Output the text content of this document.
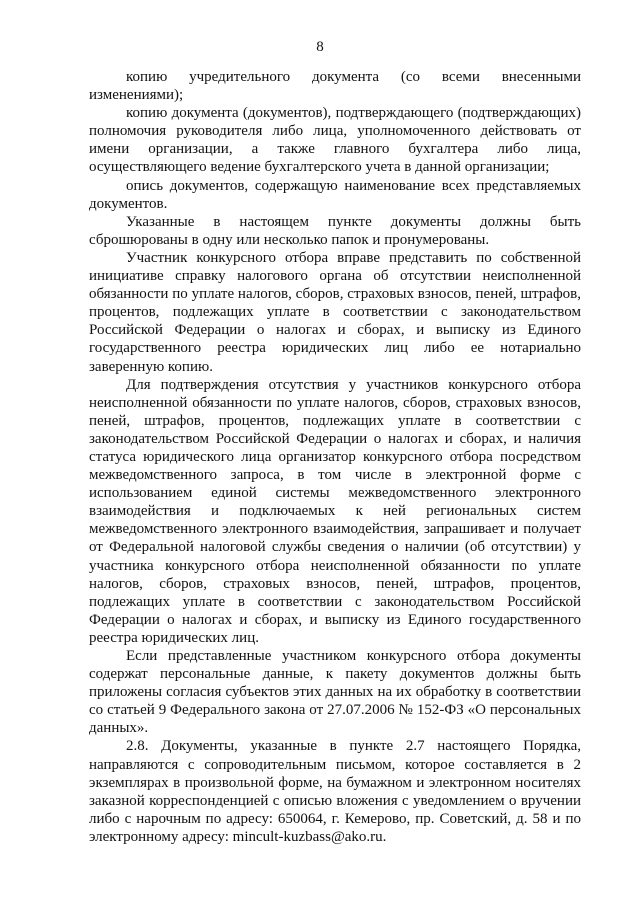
8

копию учредительного документа (со всеми внесенными изменениями);

копию документа (документов), подтверждающего (подтверждающих) полномочия руководителя либо лица, уполномоченного действовать от имени организации, а также главного бухгалтера либо лица, осуществляющего ведение бухгалтерского учета в данной организации;

опись документов, содержащую наименование всех представляемых документов.

Указанные в настоящем пункте документы должны быть сброшюрованы в одну или несколько папок и пронумерованы.

Участник конкурсного отбора вправе представить по собственной инициативе справку налогового органа об отсутствии неисполненной обязанности по уплате налогов, сборов, страховых взносов, пеней, штрафов, процентов, подлежащих уплате в соответствии с законодательством Российской Федерации о налогах и сборах, и выписку из Единого государственного реестра юридических лиц либо ее нотариально заверенную копию.

Для подтверждения отсутствия у участников конкурсного отбора неисполненной обязанности по уплате налогов, сборов, страховых взносов, пеней, штрафов, процентов, подлежащих уплате в соответствии с законодательством Российской Федерации о налогах и сборах, и наличия статуса юридического лица организатор конкурсного отбора посредством межведомственного запроса, в том числе в электронной форме с использованием единой системы межведомственного электронного взаимодействия и подключаемых к ней региональных систем межведомственного электронного взаимодействия, запрашивает и получает от Федеральной налоговой службы сведения о наличии (об отсутствии) у участника конкурсного отбора неисполненной обязанности по уплате налогов, сборов, страховых взносов, пеней, штрафов, процентов, подлежащих уплате в соответствии с законодательством Российской Федерации о налогах и сборах, и выписку из Единого государственного реестра юридических лиц.

Если представленные участником конкурсного отбора документы содержат персональные данные, к пакету документов должны быть приложены согласия субъектов этих данных на их обработку в соответствии со статьей 9 Федерального закона от 27.07.2006 № 152-ФЗ «О персональных данных».

2.8. Документы, указанные в пункте 2.7 настоящего Порядка, направляются с сопроводительным письмом, которое составляется в 2 экземплярах в произвольной форме, на бумажном и электронном носителях заказной корреспонденцией с описью вложения с уведомлением о вручении либо с нарочным по адресу: 650064, г. Кемерово, пр. Советский, д. 58 и по электронному адресу: mincult-kuzbass@ako.ru.
